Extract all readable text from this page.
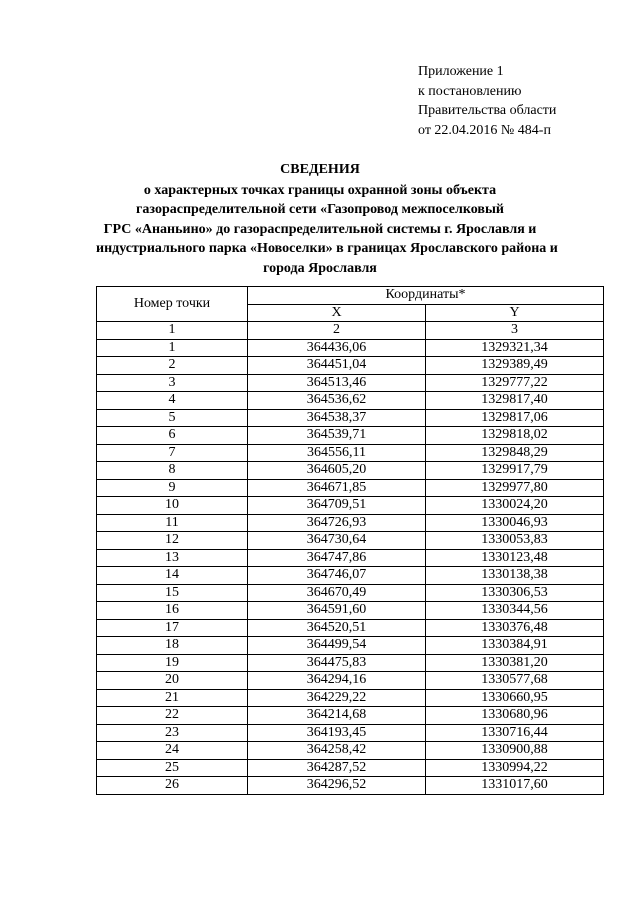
Приложение 1
к постановлению
Правительства области
от 22.04.2016 № 484-п
СВЕДЕНИЯ
о характерных точках границы охранной зоны объекта
газораспределительной сети «Газопровод межпоселковый
ГРС «Ананьино» до газораспределительной системы г. Ярославля и
индустриального парка «Новоселки» в границах Ярославского района и
города Ярославля
Номер точки	Координаты*	
	X	Y
1	2	3
1	364436,06	1329321,34
2	364451,04	1329389,49
3	364513,46	1329777,22
4	364536,62	1329817,40
5	364538,37	1329817,06
6	364539,71	1329818,02
7	364556,11	1329848,29
8	364605,20	1329917,79
9	364671,85	1329977,80
10	364709,51	1330024,20
11	364726,93	1330046,93
12	364730,64	1330053,83
13	364747,86	1330123,48
14	364746,07	1330138,38
15	364670,49	1330306,53
16	364591,60	1330344,56
17	364520,51	1330376,48
18	364499,54	1330384,91
19	364475,83	1330381,20
20	364294,16	1330577,68
21	364229,22	1330660,95
22	364214,68	1330680,96
23	364193,45	1330716,44
24	364258,42	1330900,88
25	364287,52	1330994,22
26	364296,52	1331017,60
